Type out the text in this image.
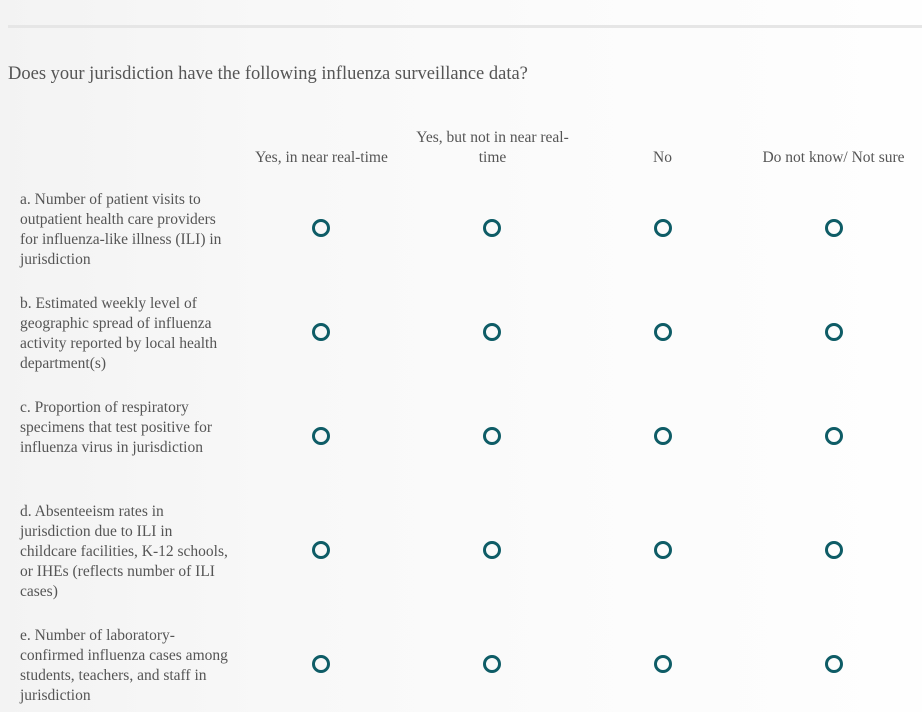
Does your jurisdiction have the following influenza surveillance data?
Yes, in near real-time
Yes, but not in near real-time	No	Do not know/ Not sure
a. Number of patient visits to outpatient health care providers for influenza-like illness (ILI) in jurisdiction
b. Estimated weekly level of geographic spread of influenza activity reported by local health department(s)
c. Proportion of respiratory specimens that test positive for influenza virus in jurisdiction
d. Absenteeism rates in jurisdiction due to ILI in childcare facilities, K-12 schools, or IHEs (reflects number of ILI cases)
e. Number of laboratory-confirmed influenza cases among students, teachers, and staff in jurisdiction
